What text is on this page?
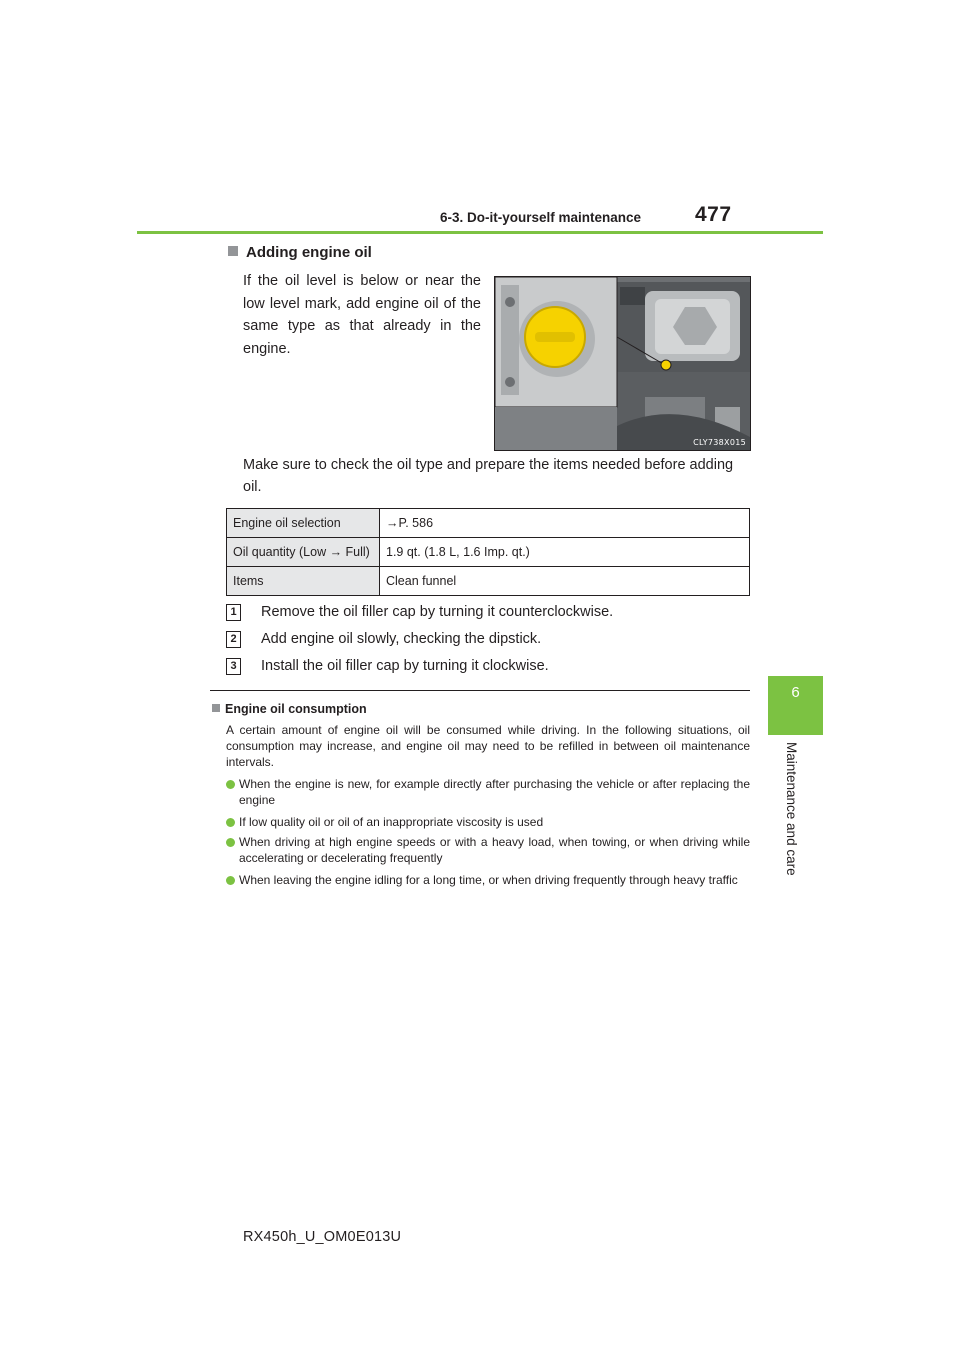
6-3. Do-it-yourself maintenance	477
6
Maintenance and care
Adding engine oil
If the oil level is below or near the low level mark, add engine oil of the same type as that already in the engine.
CLY738X015
Make sure to check the oil type and prepare the items needed before adding oil.
Engine oil selection	→P. 586
Oil quantity (Low → Full)	1.9 qt. (1.8 L, 1.6 Imp. qt.)
Items	Clean funnel
1	Remove the oil filler cap by turning it counterclockwise.
2	Add engine oil slowly, checking the dipstick.
3	Install the oil filler cap by turning it clockwise.
Engine oil consumption
A certain amount of engine oil will be consumed while driving. In the following situations, oil consumption may increase, and engine oil may need to be refilled in between oil maintenance intervals.
When the engine is new, for example directly after purchasing the vehicle or after replacing the engine
If low quality oil or oil of an inappropriate viscosity is used
When driving at high engine speeds or with a heavy load, when towing, or when driving while accelerating or decelerating frequently
When leaving the engine idling for a long time, or when driving frequently through heavy traffic
RX450h_U_OM0E013U
